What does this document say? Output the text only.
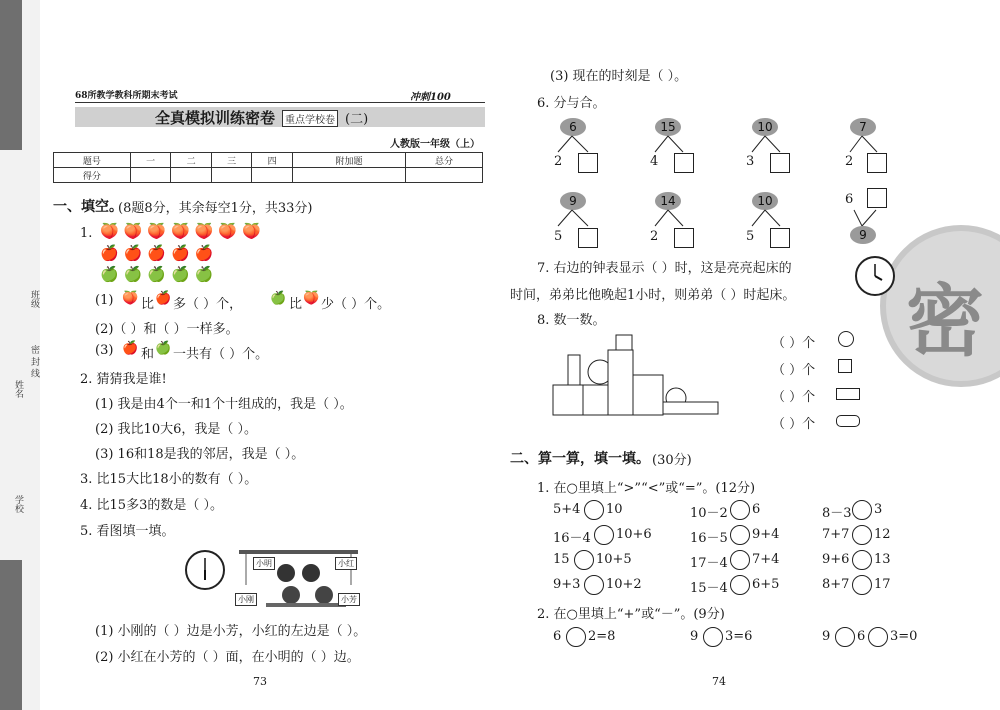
班级
密 封 线
姓名
学校
68所教学教科所期末考试	冲刺100
全真模拟训练密卷 重点学校卷 (二)
人教版一年级（上）
题号	一	二	三	四	附加题	总分
得分						
一、填空。
(8题8分，其余每空1分，共33分)
1. 🍑🍑🍑🍑🍑🍑🍑
🍎🍎🍎🍎🍎
🍏🍏🍏🍏🍏
(1) 🍑 比 🍎 多（ ）个， 🍏 比 🍑 少（ ）个。
(2)（ ）和（ ）一样多。
(3) 🍎 和 🍏 一共有（ ）个。
2. 猜猜我是谁!
(1) 我是由4个一和1个十组成的，我是（ ）。
(2) 我比10大6，我是（ ）。
(3) 16和18是我的邻居，我是（ ）。
3. 比15大比18小的数有（ ）。
4. 比15多3的数是（ ）。
5. 看图填一填。
小明	小红
小刚	小芳
(1) 小刚的（ ）边是小芳，小红的左边是（ ）。
(2) 小红在小芳的（ ）面，在小明的（ ）边。
73
密
(3) 现在的时刻是（ ）。
6. 分与合。
6	15	10	7
2	4	3	2
9	14	10
5	2	5
6
9
7. 右边的钟表显示（ ）时，这是亮亮起床的
时间，弟弟比他晚起1小时，则弟弟（ ）时起床。
8. 数一数。
（ ）个
（ ）个
（ ）个
（ ）个
二、算一算，填一填。 (30分)
1. 在○里填上“>”“<”或“=”。(12分)
5+4 10	10－2 6	8－3 3
16－4 10+6	16－5 9+4	7+7 12
15 10+5	17－4 7+4	9+6 13
9+3 10+2	15－4 6+5	8+7 17
2. 在○里填上“+”或“－”。(9分)
6 2=8	9 3=6	9 6 3=0
74
